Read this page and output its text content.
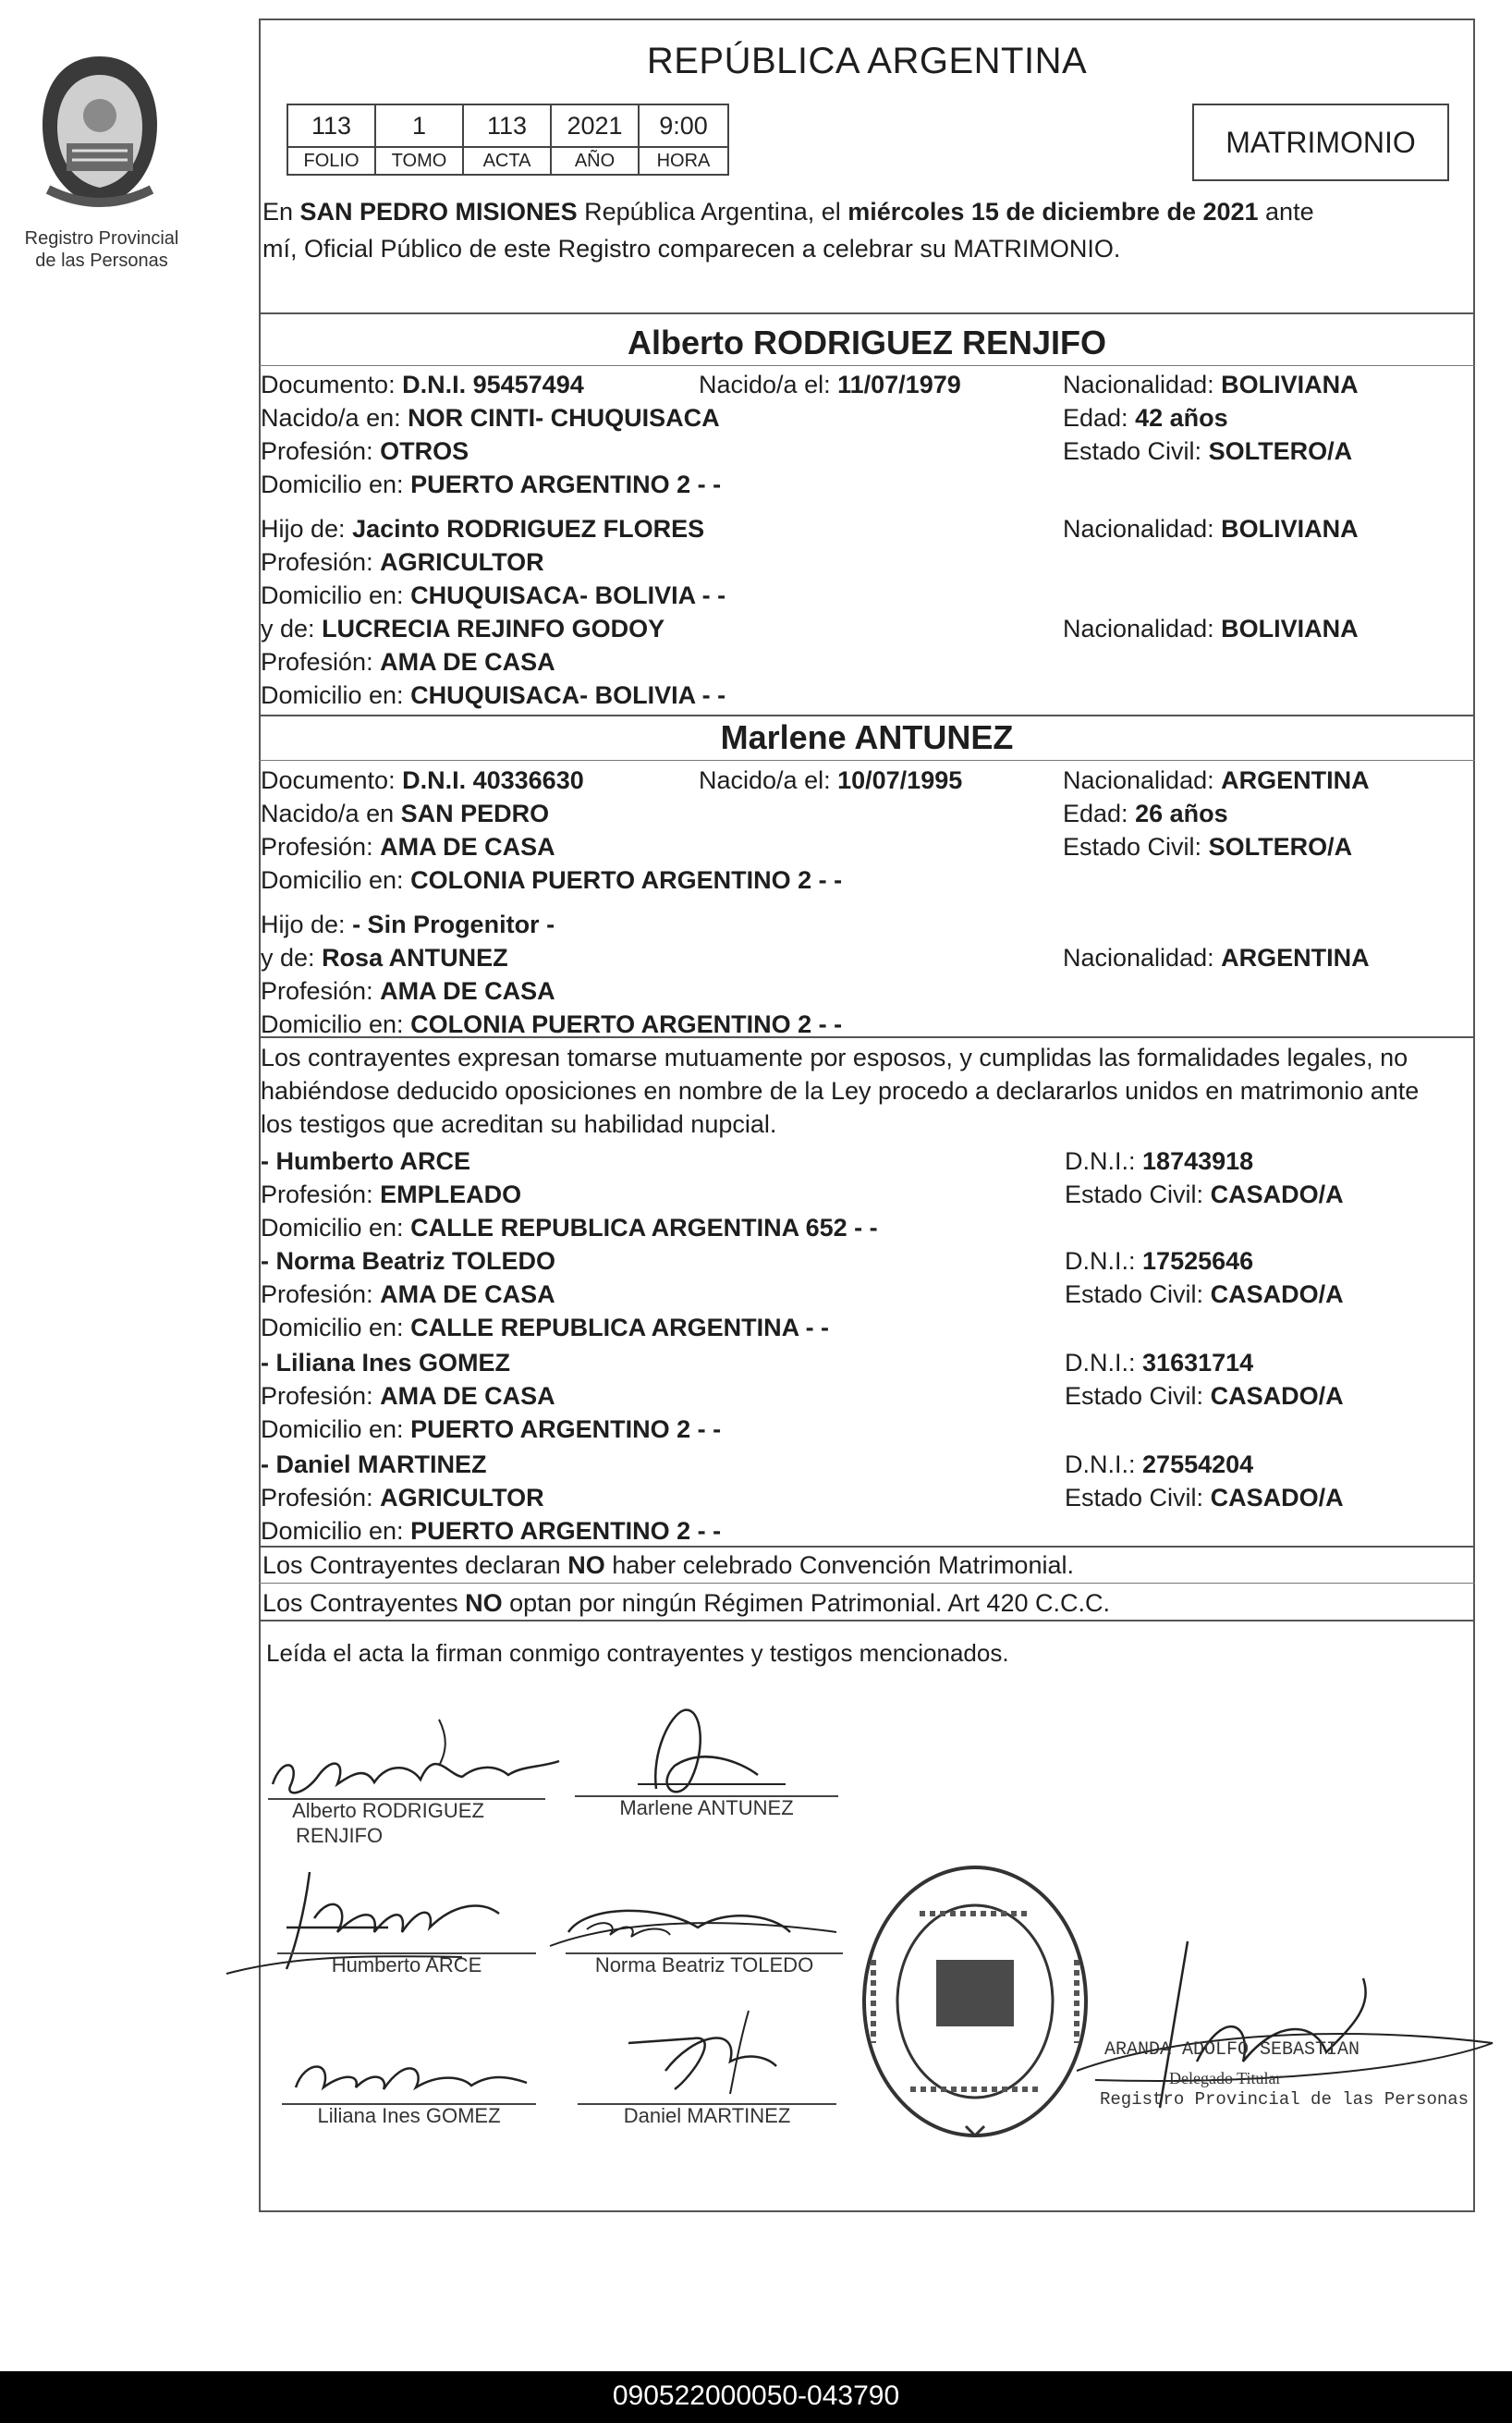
Registro Provincial de las Personas
REPÚBLICA ARGENTINA
113	1	113	2021	9:00
FOLIO	TOMO	ACTA	AÑO	HORA
MATRIMONIO
En SAN PEDRO MISIONES República Argentina, el miércoles 15 de diciembre de 2021 ante
mí, Oficial Público de este Registro comparecen a celebrar su MATRIMONIO.
Alberto RODRIGUEZ RENJIFO
Documento: D.N.I. 95457494	Nacido/a el: 11/07/1979	Nacionalidad: BOLIVIANA
Nacido/a en: NOR CINTI- CHUQUISACA	Edad: 42 años
Profesión: OTROS	Estado Civil: SOLTERO/A
Domicilio en: PUERTO ARGENTINO 2 - -
Hijo de: Jacinto RODRIGUEZ FLORES	Nacionalidad: BOLIVIANA
Profesión: AGRICULTOR
Domicilio en: CHUQUISACA- BOLIVIA - -
y de: LUCRECIA REJINFO GODOY	Nacionalidad: BOLIVIANA
Profesión: AMA DE CASA
Domicilio en: CHUQUISACA- BOLIVIA - -
Marlene ANTUNEZ
Documento: D.N.I. 40336630	Nacido/a el: 10/07/1995	Nacionalidad: ARGENTINA
Nacido/a en SAN PEDRO	Edad: 26 años
Profesión: AMA DE CASA	Estado Civil: SOLTERO/A
Domicilio en: COLONIA PUERTO ARGENTINO 2 - -
Hijo de: - Sin Progenitor -
y de: Rosa ANTUNEZ	Nacionalidad: ARGENTINA
Profesión: AMA DE CASA
Domicilio en: COLONIA PUERTO ARGENTINO 2 - -
Los contrayentes expresan tomarse mutuamente por esposos, y cumplidas las formalidades legales, no
habiéndose deducido oposiciones en nombre de la Ley procedo a declararlos unidos en matrimonio ante
los testigos que acreditan su habilidad nupcial.
- Humberto ARCE	D.N.I.: 18743918
Profesión: EMPLEADO	Estado Civil: CASADO/A
Domicilio en: CALLE REPUBLICA ARGENTINA 652 - -
- Norma Beatriz TOLEDO	D.N.I.: 17525646
Profesión: AMA DE CASA	Estado Civil: CASADO/A
Domicilio en: CALLE REPUBLICA ARGENTINA - -
- Liliana Ines GOMEZ	D.N.I.: 31631714
Profesión: AMA DE CASA	Estado Civil: CASADO/A
Domicilio en: PUERTO ARGENTINO 2 - -
- Daniel MARTINEZ	D.N.I.: 27554204
Profesión: AGRICULTOR	Estado Civil: CASADO/A
Domicilio en: PUERTO ARGENTINO 2 - -
Los Contrayentes declaran NO haber celebrado Convención Matrimonial.
Los Contrayentes NO optan por ningún Régimen Patrimonial. Art 420 C.C.C.
Leída el acta la firman conmigo contrayentes y testigos mencionados.
Alberto RODRIGUEZ
RENJIFO
Marlene ANTUNEZ
Humberto ARCE	Norma Beatriz TOLEDO
Liliana Ines GOMEZ	Daniel MARTINEZ
ARANDA ADOLFO SEBASTIAN
Delegado Titular
Registro Provincial de las Personas
090522000050-043790
